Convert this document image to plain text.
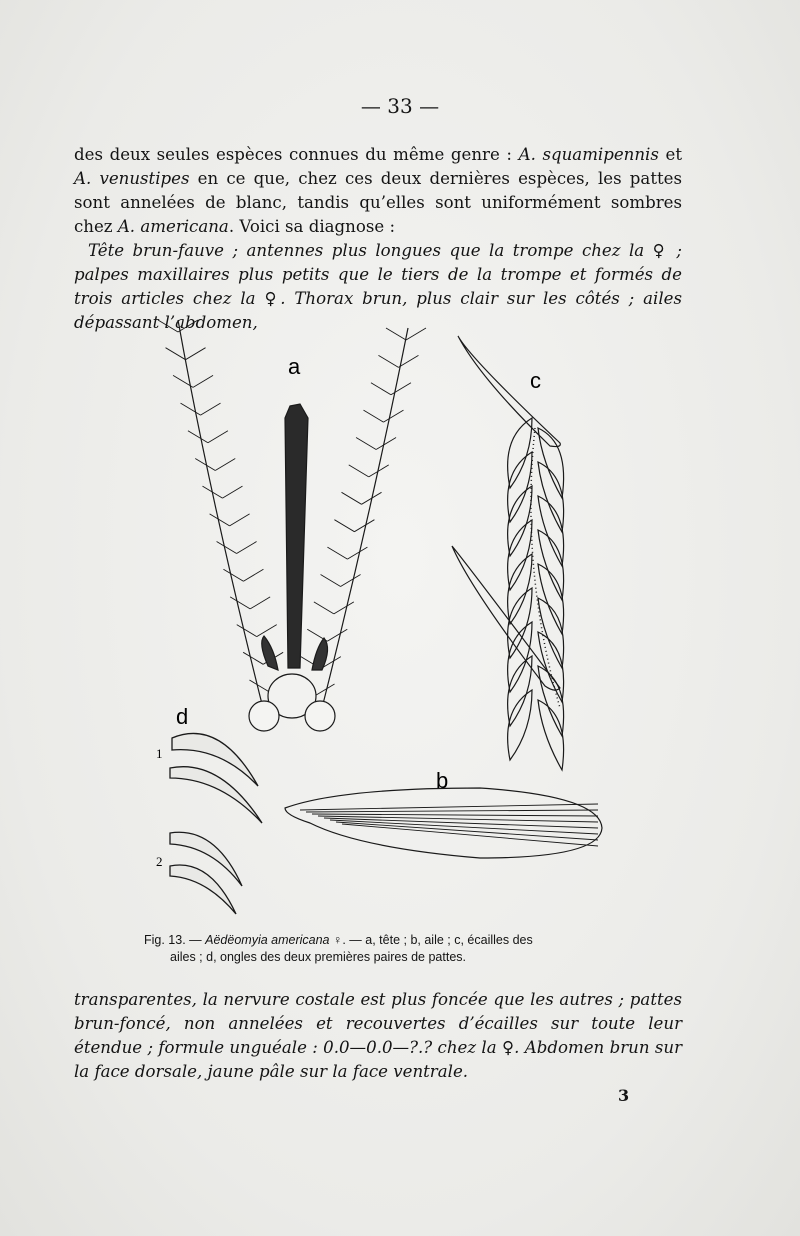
— 33 —

des deux seules espèces connues du même genre : A. squamipennis et A. venustipes en ce que, chez ces deux dernières espèces, les pattes sont annelées de blanc, tandis qu’elles sont uniformément sombres chez A. americana. Voici sa diagnose :

Tête brun-fauve ; antennes plus longues que la trompe chez la ♀ ; palpes maxillaires plus petits que le tiers de la trompe et formés de trois articles chez la ♀. Thorax brun, plus clair sur les côtés ; ailes dépassant l’abdomen,

a
c
d
b
1
2
Fig. 13. — Aëdëomyia americana ♀. — a, tête ; b, aile ; c, écailles des
ailes ; d, ongles des deux premières paires de pattes.
transparentes, la nervure costale est plus foncée que les autres ; pattes brun-foncé, non annelées et recouvertes d’écailles sur toute leur étendue ; formule unguéale : 0.0—0.0—?.? chez la ♀. Abdomen brun sur la face dorsale, jaune pâle sur la face ventrale.
3
